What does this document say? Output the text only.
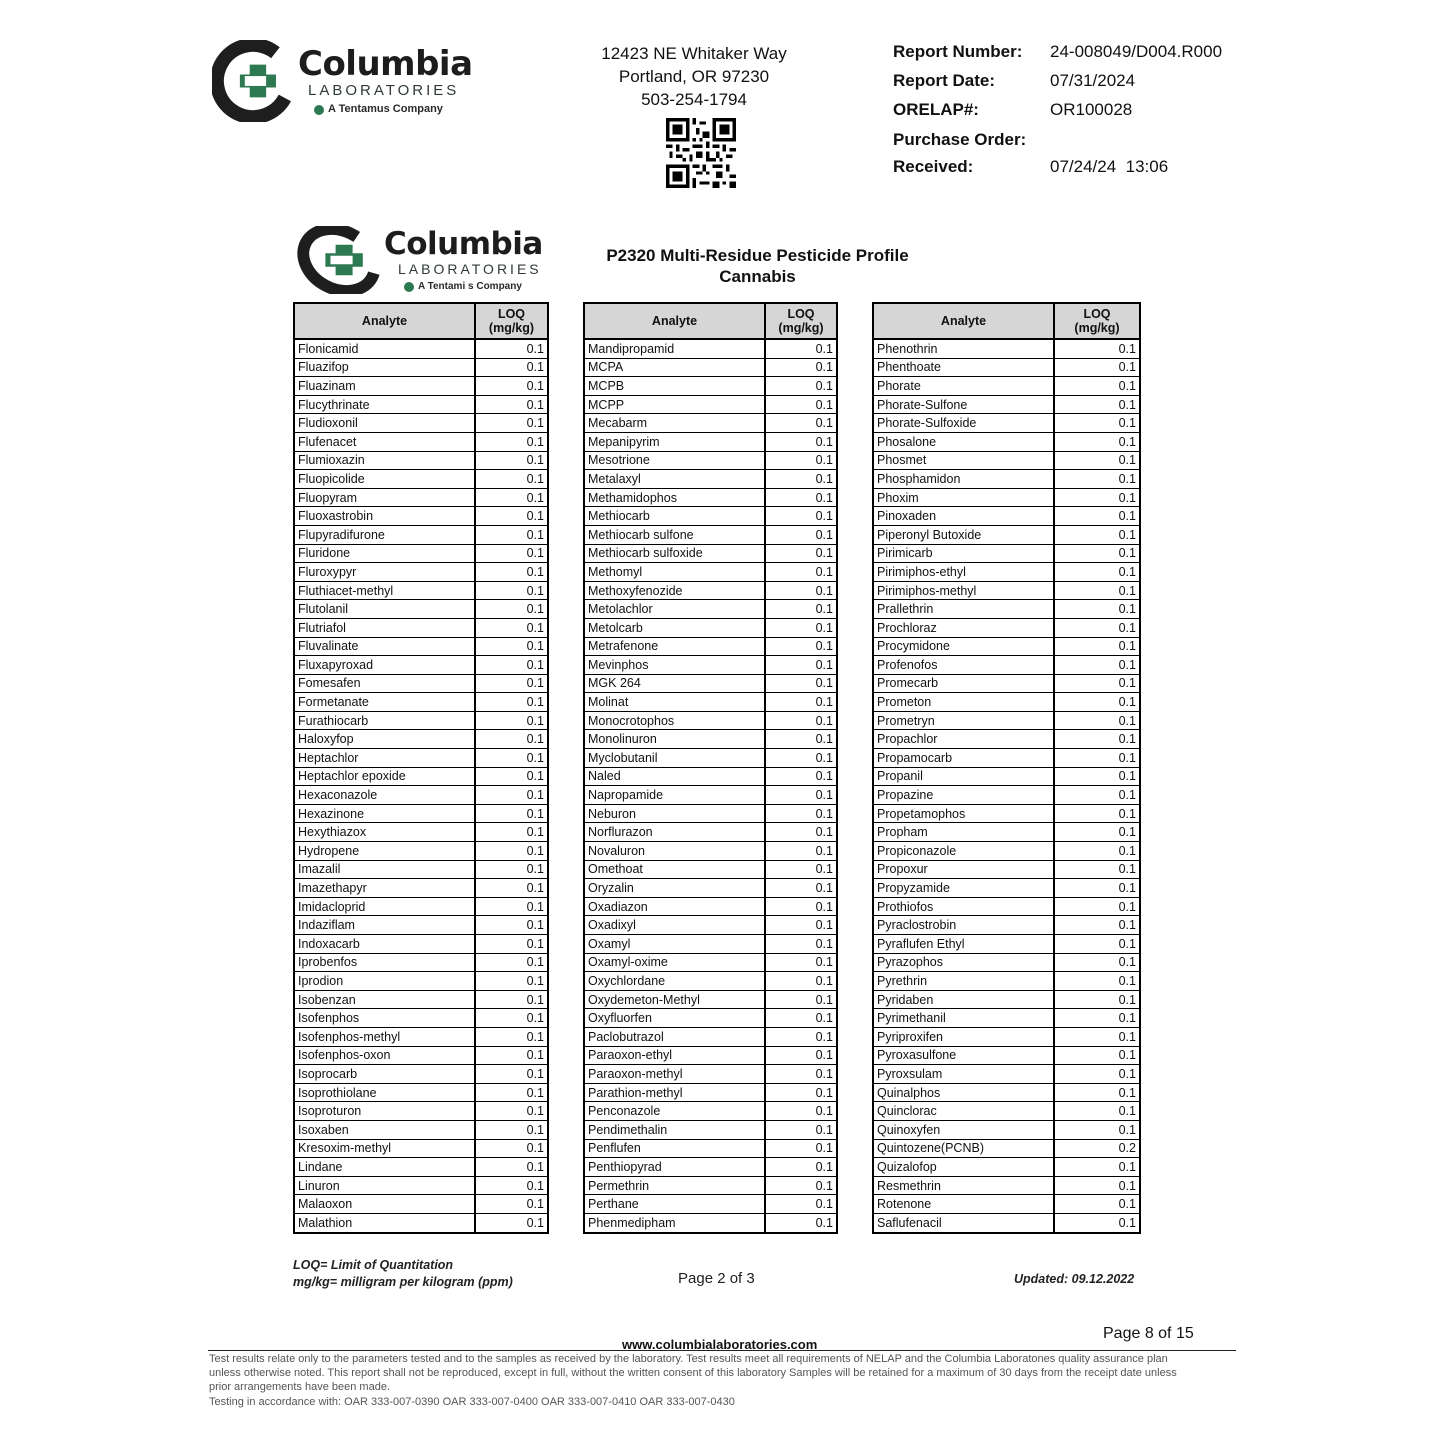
Columbia
LABORATORIES
A Tentamus Company
12423 NE Whitaker Way
Portland, OR 97230
503-254-1794
Report Number: 24-008049/D004.R000
Report Date:	07/31/2024
ORELAP#:	OR100028
Purchase Order:
Received:	07/24/24  13:06
Columbia
LABORATORIES
A Tentami s Company
P2320 Multi-Residue Pesticide Profile
Cannabis
Analyte	LOQ
(mg/kg)
Flonicamid	0.1
Fluazifop	0.1
Fluazinam	0.1
Flucythrinate	0.1
Fludioxonil	0.1
Flufenacet	0.1
Flumioxazin	0.1
Fluopicolide	0.1
Fluopyram	0.1
Fluoxastrobin	0.1
Flupyradifurone	0.1
Fluridone	0.1
Fluroxypyr	0.1
Fluthiacet-methyl	0.1
Flutolanil	0.1
Flutriafol	0.1
Fluvalinate	0.1
Fluxapyroxad	0.1
Fomesafen	0.1
Formetanate	0.1
Furathiocarb	0.1
Haloxyfop	0.1
Heptachlor	0.1
Heptachlor epoxide	0.1
Hexaconazole	0.1
Hexazinone	0.1
Hexythiazox	0.1
Hydropene	0.1
Imazalil	0.1
Imazethapyr	0.1
Imidacloprid	0.1
Indaziflam	0.1
Indoxacarb	0.1
Iprobenfos	0.1
Iprodion	0.1
Isobenzan	0.1
Isofenphos	0.1
Isofenphos-methyl	0.1
Isofenphos-oxon	0.1
Isoprocarb	0.1
Isoprothiolane	0.1
Isoproturon	0.1
Isoxaben	0.1
Kresoxim-methyl	0.1
Lindane	0.1
Linuron	0.1
Malaoxon	0.1
Malathion	0.1
Analyte	LOQ
(mg/kg)
Mandipropamid	0.1
MCPA	0.1
MCPB	0.1
MCPP	0.1
Mecabarm	0.1
Mepanipyrim	0.1
Mesotrione	0.1
Metalaxyl	0.1
Methamidophos	0.1
Methiocarb	0.1
Methiocarb sulfone	0.1
Methiocarb sulfoxide	0.1
Methomyl	0.1
Methoxyfenozide	0.1
Metolachlor	0.1
Metolcarb	0.1
Metrafenone	0.1
Mevinphos	0.1
MGK 264	0.1
Molinat	0.1
Monocrotophos	0.1
Monolinuron	0.1
Myclobutanil	0.1
Naled	0.1
Napropamide	0.1
Neburon	0.1
Norflurazon	0.1
Novaluron	0.1
Omethoat	0.1
Oryzalin	0.1
Oxadiazon	0.1
Oxadixyl	0.1
Oxamyl	0.1
Oxamyl-oxime	0.1
Oxychlordane	0.1
Oxydemeton-Methyl	0.1
Oxyfluorfen	0.1
Paclobutrazol	0.1
Paraoxon-ethyl	0.1
Paraoxon-methyl	0.1
Parathion-methyl	0.1
Penconazole	0.1
Pendimethalin	0.1
Penflufen	0.1
Penthiopyrad	0.1
Permethrin	0.1
Perthane	0.1
Phenmedipham	0.1
Analyte	LOQ
(mg/kg)
Phenothrin	0.1
Phenthoate	0.1
Phorate	0.1
Phorate-Sulfone	0.1
Phorate-Sulfoxide	0.1
Phosalone	0.1
Phosmet	0.1
Phosphamidon	0.1
Phoxim	0.1
Pinoxaden	0.1
Piperonyl Butoxide	0.1
Pirimicarb	0.1
Pirimiphos-ethyl	0.1
Pirimiphos-methyl	0.1
Prallethrin	0.1
Prochloraz	0.1
Procymidone	0.1
Profenofos	0.1
Promecarb	0.1
Prometon	0.1
Prometryn	0.1
Propachlor	0.1
Propamocarb	0.1
Propanil	0.1
Propazine	0.1
Propetamophos	0.1
Propham	0.1
Propiconazole	0.1
Propoxur	0.1
Propyzamide	0.1
Prothiofos	0.1
Pyraclostrobin	0.1
Pyraflufen Ethyl	0.1
Pyrazophos	0.1
Pyrethrin	0.1
Pyridaben	0.1
Pyrimethanil	0.1
Pyriproxifen	0.1
Pyroxasulfone	0.1
Pyroxsulam	0.1
Quinalphos	0.1
Quinclorac	0.1
Quinoxyfen	0.1
Quintozene(PCNB)	0.2
Quizalofop	0.1
Resmethrin	0.1
Rotenone	0.1
Saflufenacil	0.1
LOQ= Limit of Quantitation
mg/kg= milligram per kilogram (ppm)	Page 2 of 3	Updated: 09.12.2022
Page 8 of 15
www.columbialaboratories.com
Test results relate only to the parameters tested and to the samples as received by the laboratory. Test results meet all requirements of NELAP and the Columbia Laboratones quality assurance plan
unless otherwise noted. This report shall not be reproduced, except in full, without the written consent of this laboratory Samples will be retained for a maximum of 30 days from the receipt date unless
prior arrangements have been made.
Testing in accordance with: OAR 333-007-0390 OAR 333-007-0400 OAR 333-007-0410 OAR 333-007-0430
